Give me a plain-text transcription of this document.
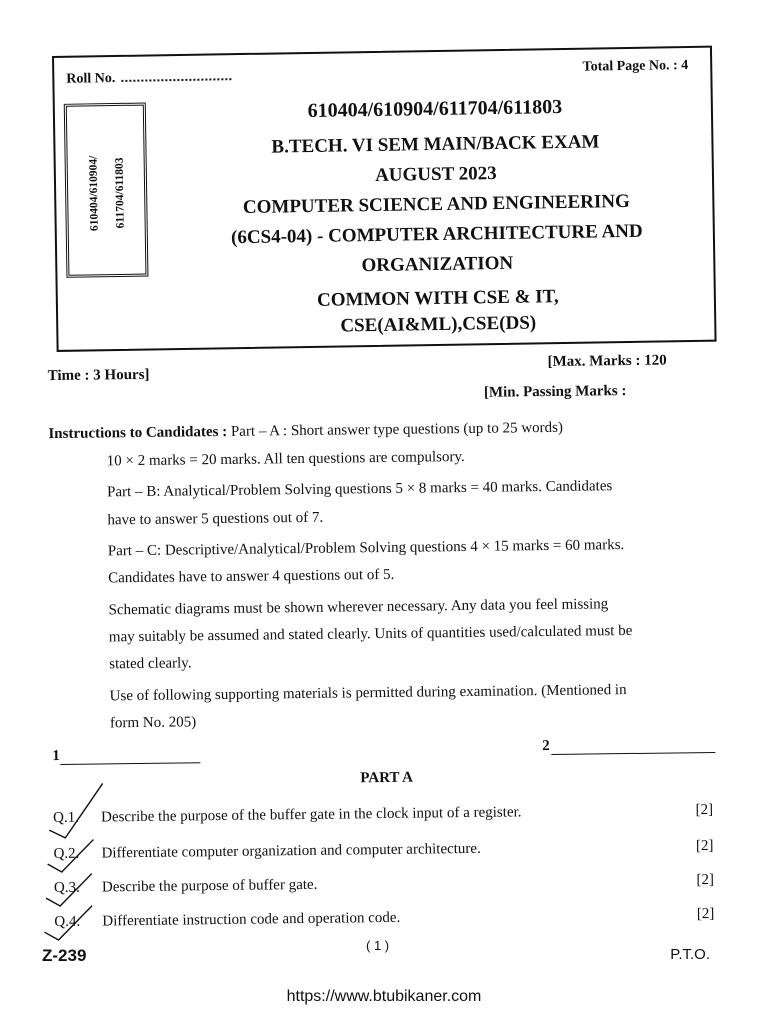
Roll No.
Total Page No. : 4
610404/610904/ 611704/611803
610404/610904/611704/611803
B.TECH. VI SEM MAIN/BACK EXAM
AUGUST 2023
COMPUTER SCIENCE AND ENGINEERING
(6CS4-04) - COMPUTER ARCHITECTURE AND
ORGANIZATION
COMMON WITH CSE & IT,
CSE(AI&ML),CSE(DS)
Time : 3 Hours]
[Max. Marks : 120
[Min. Passing Marks :
Instructions to Candidates : Part – A : Short answer type questions (up to 25 words)
10 × 2 marks = 20 marks. All ten questions are compulsory.
Part – B: Analytical/Problem Solving questions 5 × 8 marks = 40 marks. Candidates
have to answer 5 questions out of 7.
Part – C: Descriptive/Analytical/Problem Solving questions 4 × 15 marks = 60 marks.
Candidates have to answer 4 questions out of 5.
Schematic diagrams must be shown wherever necessary. Any data you feel missing
may suitably be assumed and stated clearly. Units of quantities used/calculated must be
stated clearly.
Use of following supporting materials is permitted during examination. (Mentioned in
form No. 205)
1
2
PART A
Q.1. Describe the purpose of the buffer gate in the clock input of a register.	[2]
Q.2. Differentiate computer organization and computer architecture.	[2]
Q.3. Describe the purpose of buffer gate.	[2]
Q.4. Differentiate instruction code and operation code.	[2]
Z-239
( 1 )
P.T.O.
https://www.btubikaner.com
